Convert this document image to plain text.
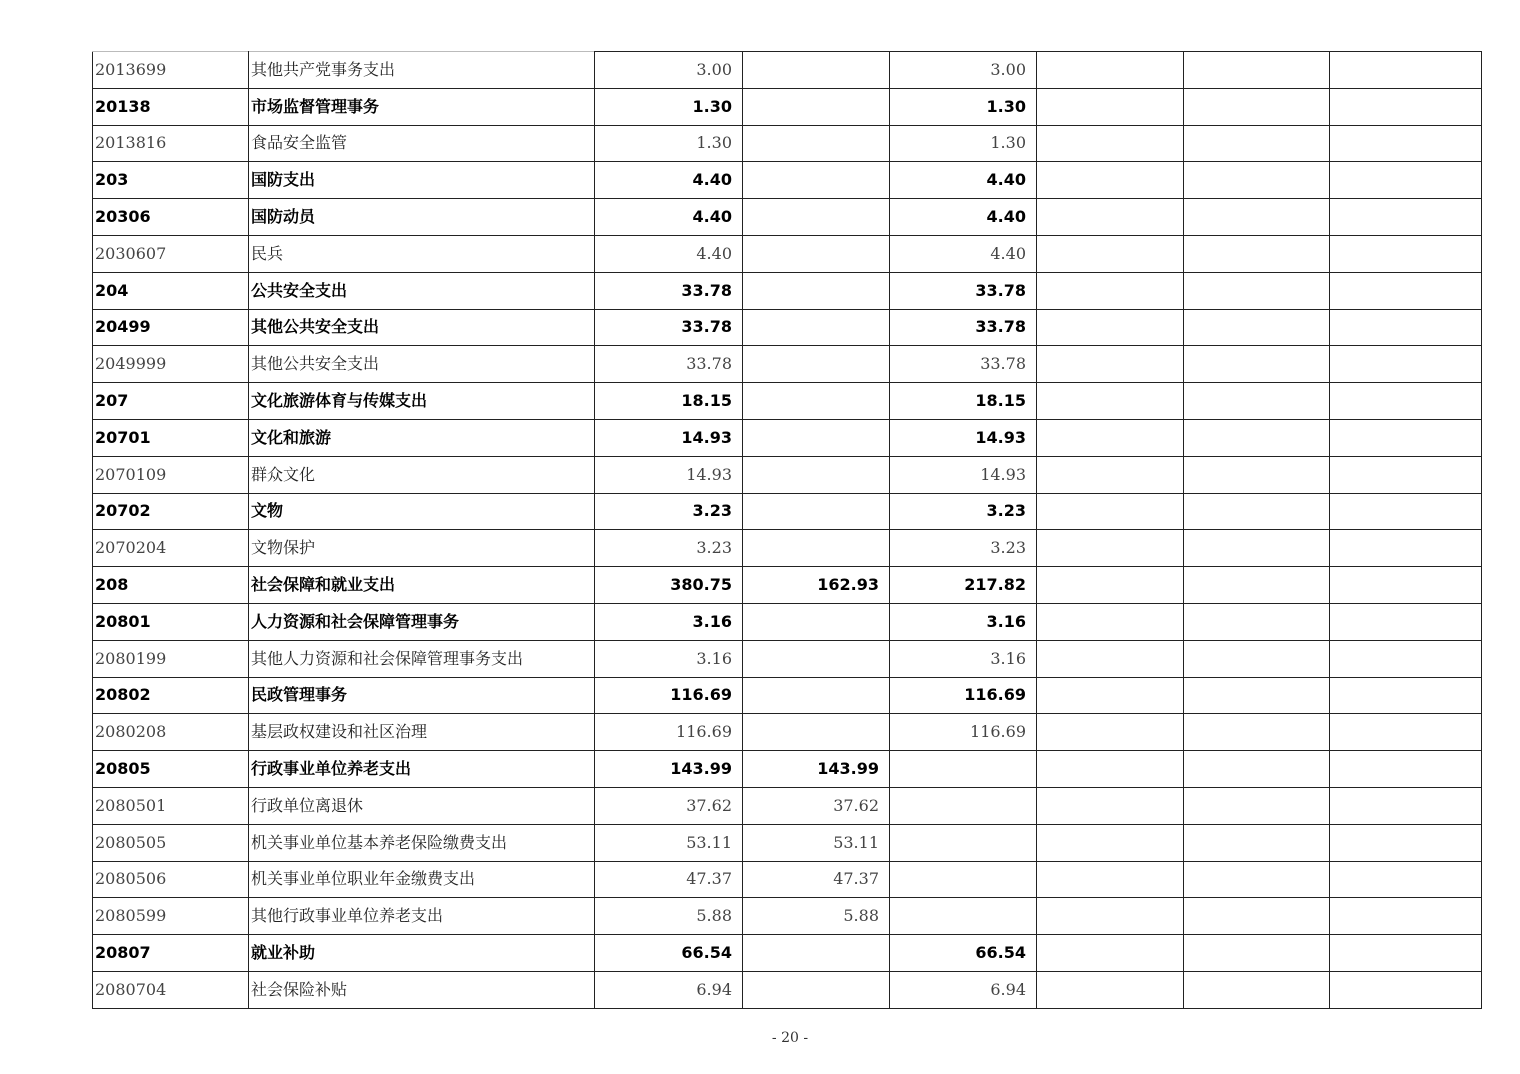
2013699	其他共产党事务支出	3.00		3.00			
20138	市场监督管理事务	1.30		1.30			
2013816	食品安全监管	1.30		1.30			
203	国防支出	4.40		4.40			
20306	国防动员	4.40		4.40			
2030607	民兵	4.40		4.40			
204	公共安全支出	33.78		33.78			
20499	其他公共安全支出	33.78		33.78			
2049999	其他公共安全支出	33.78		33.78			
207	文化旅游体育与传媒支出	18.15		18.15			
20701	文化和旅游	14.93		14.93			
2070109	群众文化	14.93		14.93			
20702	文物	3.23		3.23			
2070204	文物保护	3.23		3.23			
208	社会保障和就业支出	380.75	162.93	217.82			
20801	人力资源和社会保障管理事务	3.16		3.16			
2080199	其他人力资源和社会保障管理事务支出	3.16		3.16			
20802	民政管理事务	116.69		116.69			
2080208	基层政权建设和社区治理	116.69		116.69			
20805	行政事业单位养老支出	143.99	143.99				
2080501	行政单位离退休	37.62	37.62				
2080505	机关事业单位基本养老保险缴费支出	53.11	53.11				
2080506	机关事业单位职业年金缴费支出	47.37	47.37				
2080599	其他行政事业单位养老支出	5.88	5.88				
20807	就业补助	66.54		66.54			
2080704	社会保险补贴	6.94		6.94			
- 20 -
